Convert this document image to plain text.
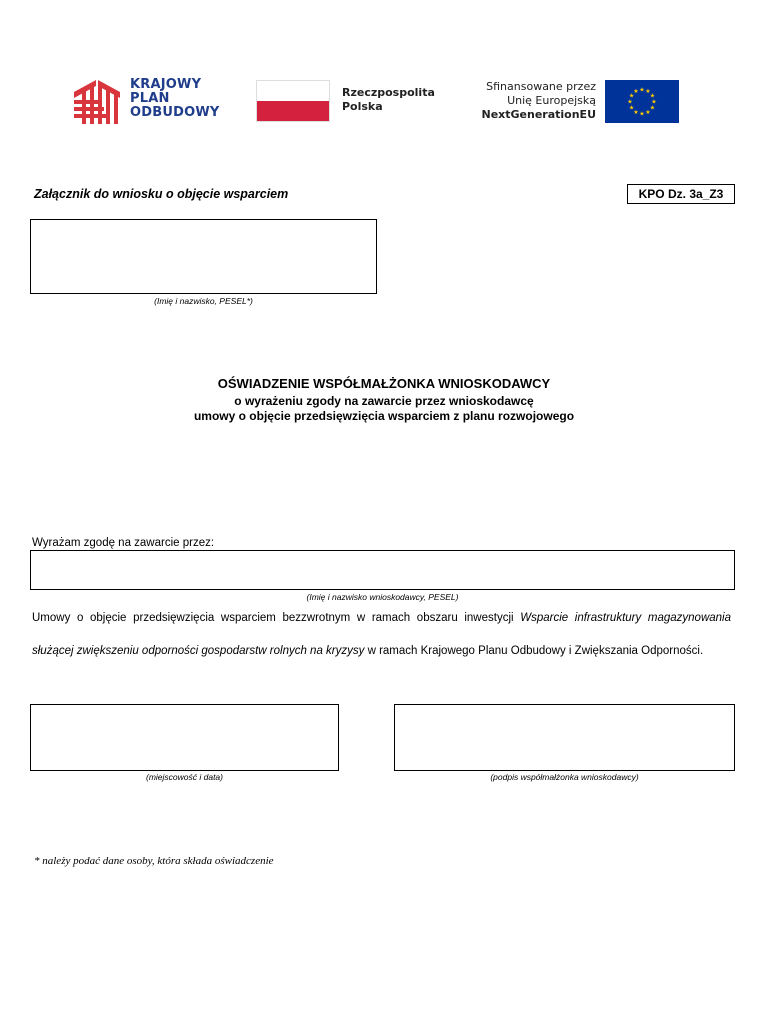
KRAJOWY
PLAN
ODBUDOWY
Rzeczpospolita
Polska
Sfinansowane przez
Unię Europejską
NextGenerationEU
★ ★
★
★
★
★
★
★
★
★
★
★
Załącznik do wniosku o objęcie wsparciem	KPO Dz. 3a_Z3
(Imię i nazwisko, PESEL*)
OŚWIADZENIE WSPÓŁMAŁŻONKA WNIOSKODAWCY
o wyrażeniu zgody na zawarcie przez wnioskodawcę
umowy o objęcie przedsięwzięcia wsparciem z planu rozwojowego
Wyrażam zgodę na zawarcie przez:
(Imię i nazwisko wnioskodawcy, PESEL)
Umowy o objęcie przedsięwzięcia wsparciem bezzwrotnym w ramach obszaru inwestycji Wsparcie infrastruktury magazynowania
służącej zwiększeniu odporności gospodarstw rolnych na kryzysy w ramach Krajowego Planu Odbudowy i Zwiększania Odporności.
(miejscowość i data)	(podpis współmałżonka wnioskodawcy)
* należy podać dane osoby, która składa oświadczenie
